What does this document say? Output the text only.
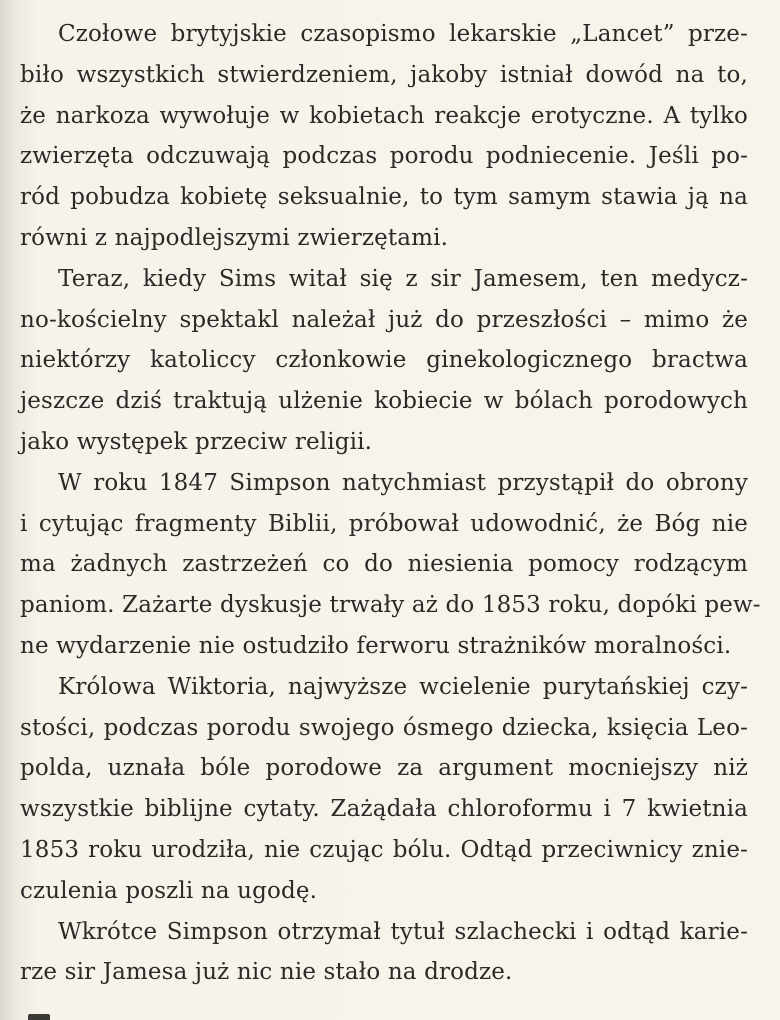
Czołowe brytyjskie czasopismo lekarskie „Lancet” prze-
biło wszystkich stwierdzeniem, jakoby istniał dowód na to,
że narkoza wywołuje w kobietach reakcje erotyczne. A tylko
zwierzęta odczuwają podczas porodu podniecenie. Jeśli po-
ród pobudza kobietę seksualnie, to tym samym stawia ją na
równi z najpodlejszymi zwierzętami.

Teraz, kiedy Sims witał się z sir Jamesem, ten medycz-
no-kościelny spektakl należał już do przeszłości – mimo że
niektórzy katoliccy członkowie ginekologicznego bractwa
jeszcze dziś traktują ulżenie kobiecie w bólach porodowych
jako występek przeciw religii.

W roku 1847 Simpson natychmiast przystąpił do obrony
i cytując fragmenty Biblii, próbował udowodnić, że Bóg nie
ma żadnych zastrzeżeń co do niesienia pomocy rodzącym
paniom. Zażarte dyskusje trwały aż do 1853 roku, dopóki pew-
ne wydarzenie nie ostudziło ferworu strażników moralności.

Królowa Wiktoria, najwyższe wcielenie purytańskiej czy-
stości, podczas porodu swojego ósmego dziecka, księcia Leo-
polda, uznała bóle porodowe za argument mocniejszy niż
wszystkie biblijne cytaty. Zażądała chloroformu i 7 kwietnia
1853 roku urodziła, nie czując bólu. Odtąd przeciwnicy znie-
czulenia poszli na ugodę.

Wkrótce Simpson otrzymał tytuł szlachecki i odtąd karie-
rze sir Jamesa już nic nie stało na drodze.
